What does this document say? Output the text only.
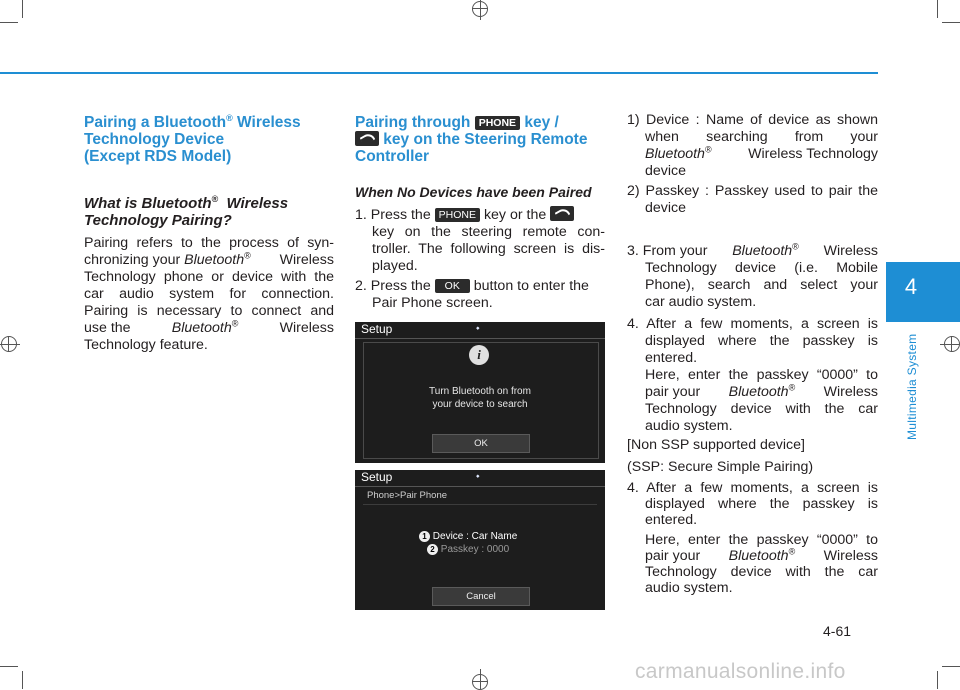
4
Multimedia System
Pairing a Bluetooth® Wireless
Technology Device
(Except RDS Model)
What is Bluetooth®  Wireless
Technology Pairing?
Pairing refers to the process of syn-
chronizing your Bluetooth® Wireless
Technology phone or device with the
car audio system for connection.
Pairing is necessary to connect and
use the	Bluetooth®	Wireless
Technology feature.
Pairing through PHONE key /
key on the Steering Remote
Controller
When No Devices have been Paired
1. Press the PHONE key or the
key on the steering remote con-
troller. The following screen is dis-
played.
2. Press the OK button to enter the
Pair Phone screen.
Setup	⬩
i
Turn Bluetooth on from
your device to search
OK
Setup	⬩
Phone>Pair Phone
1 Device : Car Name
2 Passkey : 0000
Cancel
1) Device : Name of device as shown
when searching from your
Bluetooth®	Wireless Technology
device
2) Passkey : Passkey used to pair the
device
3. From your Bluetooth® Wireless
Technology device (i.e. Mobile
Phone), search and select your
car audio system.
4. After a few moments, a screen is
displayed where the passkey is
entered.
Here, enter the passkey “0000” to
pair your Bluetooth® Wireless
Technology device with the car
audio system.
[Non SSP supported device]
(SSP: Secure Simple Pairing)
4. After a few moments, a screen is
displayed where the passkey is
entered.
Here, enter the passkey “0000” to
pair your Bluetooth® Wireless
Technology device with the car
audio system.
4-61
carmanualsonline.info
